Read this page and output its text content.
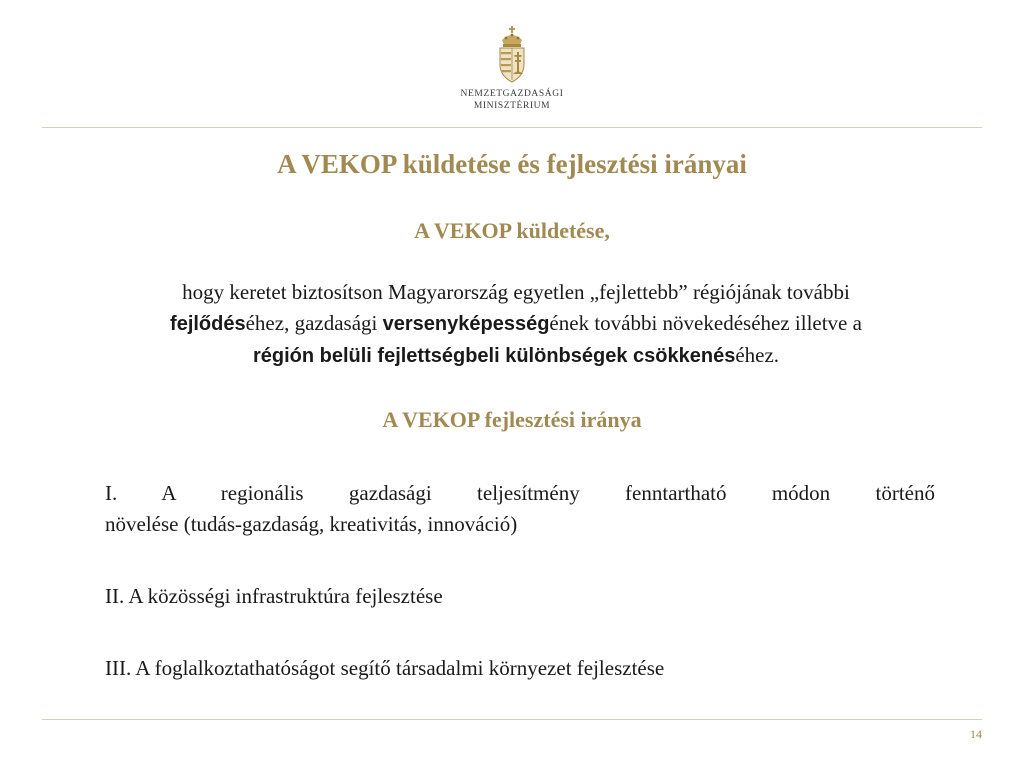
NEMZETGAZDASÁGI
MINISZTÉRIUM
A VEKOP küldetése és fejlesztési irányai
A VEKOP küldetése,
hogy keretet biztosítson Magyarország egyetlen „fejlettebb” régiójának további
fejlődéséhez, gazdasági versenyképességének további növekedéséhez illetve a
régión belüli fejlettségbeli különbségek csökkenéséhez.
A VEKOP fejlesztési iránya
I. A regionális gazdasági teljesítmény fenntartható módon történő
növelése (tudás-gazdaság, kreativitás, innováció)
II. A közösségi infrastruktúra fejlesztése
III. A foglalkoztathatóságot segítő társadalmi környezet fejlesztése
14
